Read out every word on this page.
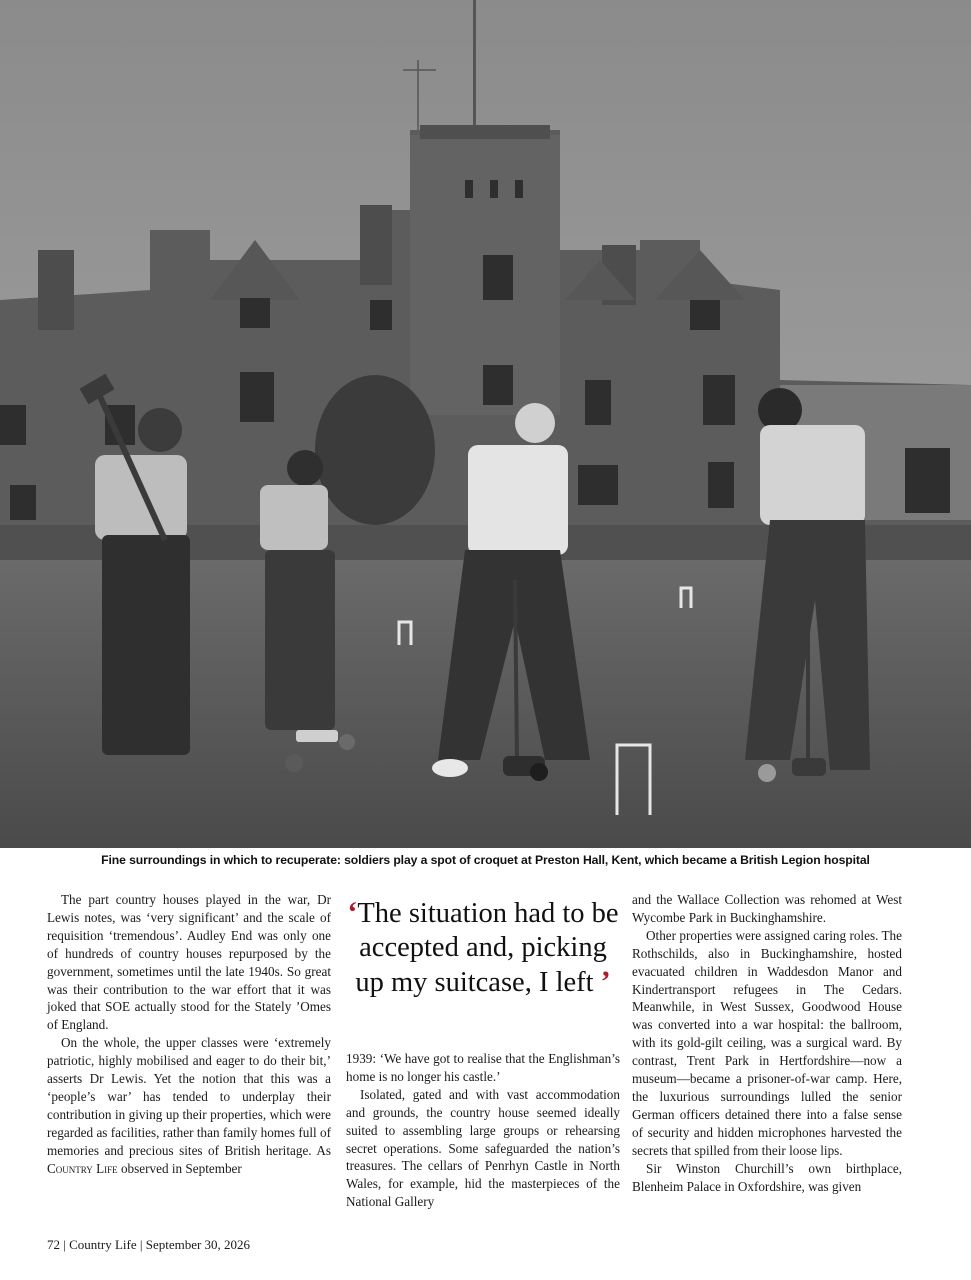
Fine surroundings in which to recuperate: soldiers play a spot of croquet at Preston Hall, Kent, which became a British Legion hospital

The part country houses played in the war, Dr Lewis notes, was ‘very significant’ and the scale of requisition ‘tremendous’. Audley End was only one of hundreds of country houses repurposed by the government, sometimes until the late 1940s. So great was their contribution to the war effort that it was joked that SOE actually stood for the Stately ’Omes of England.

On the whole, the upper classes were ‘extremely patriotic, highly mobilised and eager to do their bit,’ asserts Dr Lewis. Yet the notion that this was a ‘people’s war’ has tended to underplay their contribution in giving up their properties, which were regarded as facilities, rather than family homes full of memories and precious sites of British heritage. As Country Life observed in September

‘The situation had to be accepted and, picking up my suitcase, I left ’

1939: ‘We have got to realise that the Englishman’s home is no longer his castle.’

Isolated, gated and with vast accommodation and grounds, the country house seemed ideally suited to assembling large groups or rehearsing secret operations. Some safeguarded the nation’s treasures. The cellars of Penrhyn Castle in North Wales, for example, hid the masterpieces of the National Gallery

and the Wallace Collection was rehomed at West Wycombe Park in Buckinghamshire.

Other properties were assigned caring roles. The Rothschilds, also in Buckinghamshire, hosted evacuated children in Waddesdon Manor and Kindertransport refugees in The Cedars. Meanwhile, in West Sussex, Goodwood House was converted into a war hospital: the ballroom, with its gold-gilt ceiling, was a surgical ward. By contrast, Trent Park in Hertfordshire—now a museum—became a prisoner-of-war camp. Here, the luxurious surroundings lulled the senior German officers detained there into a false sense of security and hidden microphones harvested the secrets that spilled from their loose lips.

Sir Winston Churchill’s own birthplace, Blenheim Palace in Oxfordshire, was given

72 | Country Life | September 30, 2026
